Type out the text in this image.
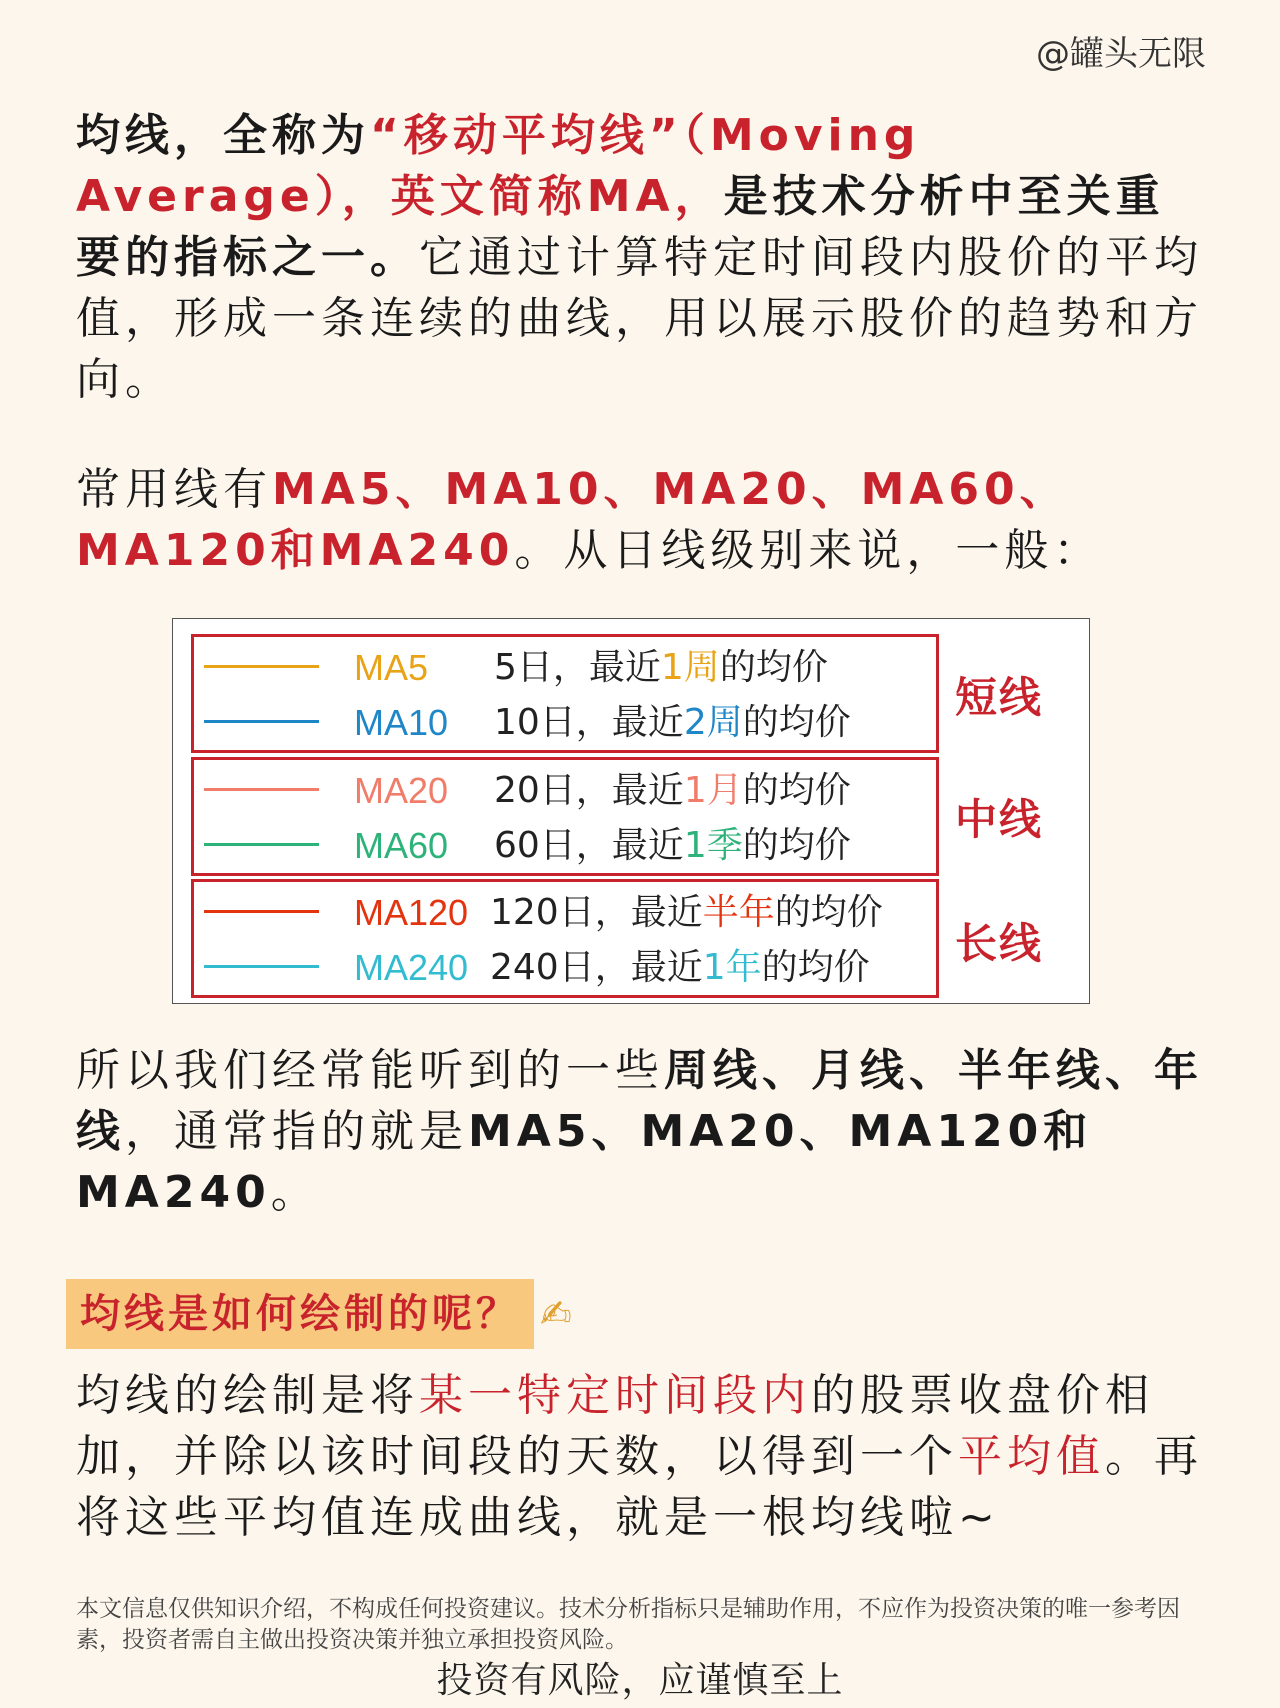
@罐头无限

均线，全称为“移动平均线”（Moving Average），英文简称MA，是技术分析中至关重要的指标之一。它通过计算特定时间段内股价的平均值，形成一条连续的曲线，用以展示股价的趋势和方向。

常用线有MA5、MA10、MA20、MA60、MA120和MA240。从日线级别来说，一般：

MA5 5日，最近1周的均价
MA10 10日，最近2周的均价
MA20 20日，最近1月的均价
MA60 60日，最近1季的均价
MA120 120日，最近半年的均价
MA240 240日，最近1年的均价
短线
中线
长线

所以我们经常能听到的一些周线、月线、半年线、年线，通常指的就是MA5、MA20、MA120和MA240。

均线是如何绘制的呢？ ✍

均线的绘制是将某一特定时间段内的股票收盘价相加，并除以该时间段的天数，以得到一个平均值。再将这些平均值连成曲线，就是一根均线啦~

本文信息仅供知识介绍，不构成任何投资建议。技术分析指标只是辅助作用，不应作为投资决策的唯一参考因素，投资者需自主做出投资决策并独立承担投资风险。

投资有风险，应谨慎至上
